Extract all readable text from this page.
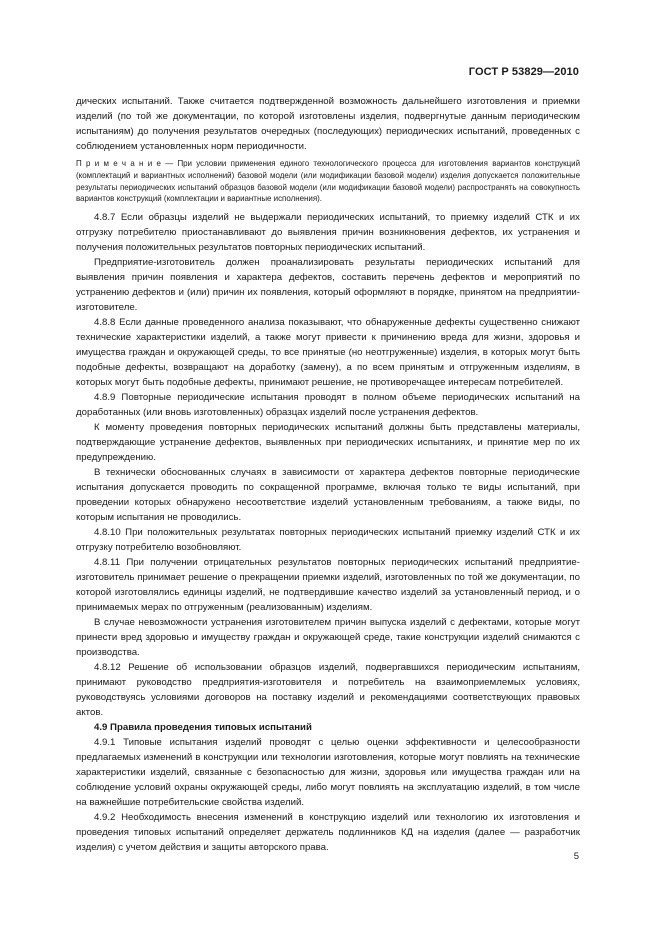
ГОСТ Р 53829—2010

дических испытаний. Также считается подтвержденной возможность дальнейшего изготовления и приемки изделий (по той же документации, по которой изготовлены изделия, подвергнутые данным периодическим испытаниям) до получения результатов очередных (последующих) периодических испытаний, проведенных с соблюдением установленных норм периодичности.

П р и м е ч а н и е — При условии применения единого технологического процесса для изготовления вариантов конструкций (комплектаций и вариантных исполнений) базовой модели (или модификации базовой модели) изделия допускается положительные результаты периодических испытаний образцов базовой модели (или модификации базовой модели) распространять на совокупность вариантов конструкций (комплектации и вариантные исполнения).

4.8.7 Если образцы изделий не выдержали периодических испытаний, то приемку изделий СТК и их отгрузку потребителю приостанавливают до выявления причин возникновения дефектов, их устранения и получения положительных результатов повторных периодических испытаний.

Предприятие-изготовитель должен проанализировать результаты периодических испытаний для выявления причин появления и характера дефектов, составить перечень дефектов и мероприятий по устранению дефектов и (или) причин их появления, который оформляют в порядке, принятом на предприятии-изготовителе.

4.8.8 Если данные проведенного анализа показывают, что обнаруженные дефекты существенно снижают технические характеристики изделий, а также могут привести к причинению вреда для жизни, здоровья и имущества граждан и окружающей среды, то все принятые (но неотгруженные) изделия, в которых могут быть подобные дефекты, возвращают на доработку (замену), а по всем принятым и отгруженным изделиям, в которых могут быть подобные дефекты, принимают решение, не противоречащее интересам потребителей.

4.8.9 Повторные периодические испытания проводят в полном объеме периодических испытаний на доработанных (или вновь изготовленных) образцах изделий после устранения дефектов.

К моменту проведения повторных периодических испытаний должны быть представлены материалы, подтверждающие устранение дефектов, выявленных при периодических испытаниях, и принятие мер по их предупреждению.

В технически обоснованных случаях в зависимости от характера дефектов повторные периодические испытания допускается проводить по сокращенной программе, включая только те виды испытаний, при проведении которых обнаружено несоответствие изделий установленным требованиям, а также виды, по которым испытания не проводились.

4.8.10 При положительных результатах повторных периодических испытаний приемку изделий СТК и их отгрузку потребителю возобновляют.

4.8.11 При получении отрицательных результатов повторных периодических испытаний предприятие-изготовитель принимает решение о прекращении приемки изделий, изготовленных по той же документации, по которой изготовлялись единицы изделий, не подтвердившие качество изделий за установленный период, и о принимаемых мерах по отгруженным (реализованным) изделиям.

В случае невозможности устранения изготовителем причин выпуска изделий с дефектами, которые могут принести вред здоровью и имуществу граждан и окружающей среде, такие конструкции изделий снимаются с производства.

4.8.12 Решение об использовании образцов изделий, подвергавшихся периодическим испытаниям, принимают руководство предприятия-изготовителя и потребитель на взаимоприемлемых условиях, руководствуясь условиями договоров на поставку изделий и рекомендациями соответствующих правовых актов.

4.9 Правила проведения типовых испытаний

4.9.1 Типовые испытания изделий проводят с целью оценки эффективности и целесообразности предлагаемых изменений в конструкции или технологии изготовления, которые могут повлиять на технические характеристики изделий, связанные с безопасностью для жизни, здоровья или имущества граждан или на соблюдение условий охраны окружающей среды, либо могут повлиять на эксплуатацию изделий, в том числе на важнейшие потребительские свойства изделий.

4.9.2 Необходимость внесения изменений в конструкцию изделий или технологию их изготовления и проведения типовых испытаний определяет держатель подлинников КД на изделия (далее — разработчик изделия) с учетом действия и защиты авторского права.

5
